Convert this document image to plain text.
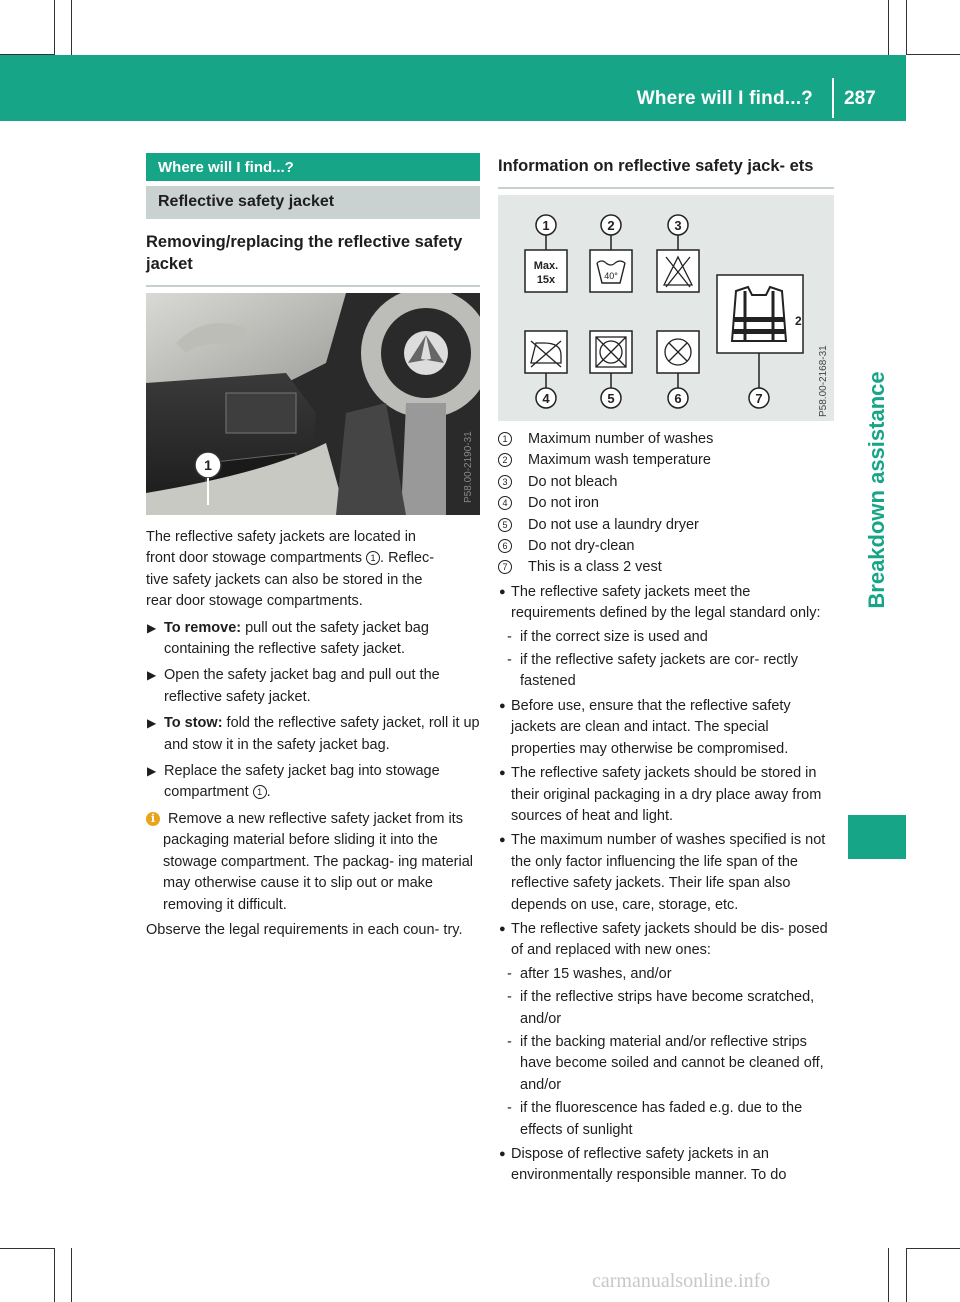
Where will I find...? 287
Breakdown assistance
Where will I find...?
Reflective safety jacket
Removing/replacing the reflective safety jacket
1	P58.00-2190-31
The reflective safety jackets are located in
front door stowage compartments 1 . Reflec-
tive safety jackets can also be stored in the
rear door stowage compartments.
▶ To remove: pull out the safety jacket bag containing the reflective safety jacket.
▶ Open the safety jacket bag and pull out the reflective safety jacket.
▶ To stow: fold the reflective safety jacket, roll it up and stow it in the safety jacket bag.
▶ Replace the safety jacket bag into stowage compartment 1 .
i Remove a new reflective safety jacket from its packaging material before sliding it into the stowage compartment. The packag- ing material may otherwise cause it to slip out or make removing it difficult.
Observe the legal requirements in each coun- try.
Information on reflective safety jack- ets
1	2	3
4	5	6	7
Max.
15x	40°
2
P58.00-2168-31
1	Maximum number of washes
2	Maximum wash temperature
3	Do not bleach
4	Do not iron
5	Do not use a laundry dryer
6	Do not dry-clean
7	This is a class 2 vest
● The reflective safety jackets meet the requirements defined by the legal standard only:
- if the correct size is used and
- if the reflective safety jackets are cor- rectly fastened
● Before use, ensure that the reflective safety jackets are clean and intact. The special properties may otherwise be compromised.
● The reflective safety jackets should be stored in their original packaging in a dry place away from sources of heat and light.
● The maximum number of washes specified is not the only factor influencing the life span of the reflective safety jackets. Their life span also depends on use, care, storage, etc.
● The reflective safety jackets should be dis- posed of and replaced with new ones:
- after 15 washes, and/or
- if the reflective strips have become scratched, and/or
- if the backing material and/or reflective strips have become soiled and cannot be cleaned off, and/or
- if the fluorescence has faded e.g. due to the effects of sunlight
● Dispose of reflective safety jackets in an environmentally responsible manner. To do
carmanualsonline.info
